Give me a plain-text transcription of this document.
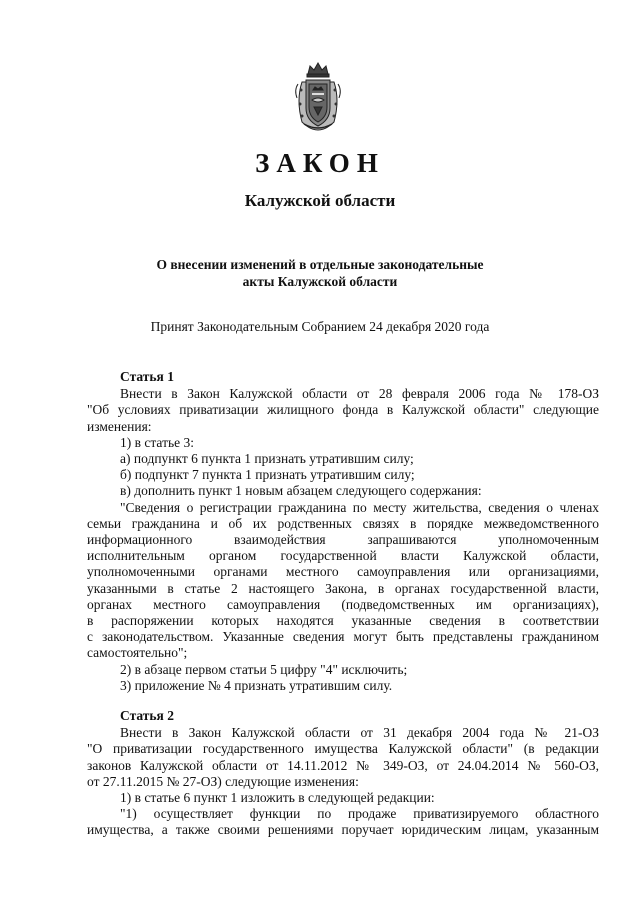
ЗАКОН
Калужской области
О внесении изменений в отдельные законодательные
акты Калужской области
Принят Законодательным Собранием 24 декабря 2020 года

Статья 1

Внести в Закон Калужской области от 28 февраля 2006 года № 178-ОЗ

"Об условиях приватизации жилищного фонда в Калужской области" следующие

изменения:

1) в статье 3:

а) подпункт 6 пункта 1 признать утратившим силу;

б) подпункт 7 пункта 1 признать утратившим силу;

в) дополнить пункт 1 новым абзацем следующего содержания:

"Сведения о регистрации гражданина по месту жительства, сведения о членах

семьи гражданина и об их родственных связях в порядке межведомственного

информационного взаимодействия запрашиваются уполномоченным

исполнительным органом государственной власти Калужской области,

уполномоченными органами местного самоуправления или организациями,

указанными в статье 2 настоящего Закона, в органах государственной власти,

органах местного самоуправления (подведомственных им организациях),

в распоряжении которых находятся указанные сведения в соответствии

с законодательством. Указанные сведения могут быть представлены гражданином

самостоятельно";

2) в абзаце первом статьи 5 цифру "4" исключить;

3) приложение № 4 признать утратившим силу.

Статья 2

Внести в Закон Калужской области от 31 декабря 2004 года № 21-ОЗ

"О приватизации государственного имущества Калужской области" (в редакции

законов Калужской области от 14.11.2012 № 349-ОЗ, от 24.04.2014 № 560-ОЗ,

от 27.11.2015 № 27-ОЗ) следующие изменения:

1) в статье 6 пункт 1 изложить в следующей редакции:

"1) осуществляет функции по продаже приватизируемого областного

имущества, а также своими решениями поручает юридическим лицам, указанным
